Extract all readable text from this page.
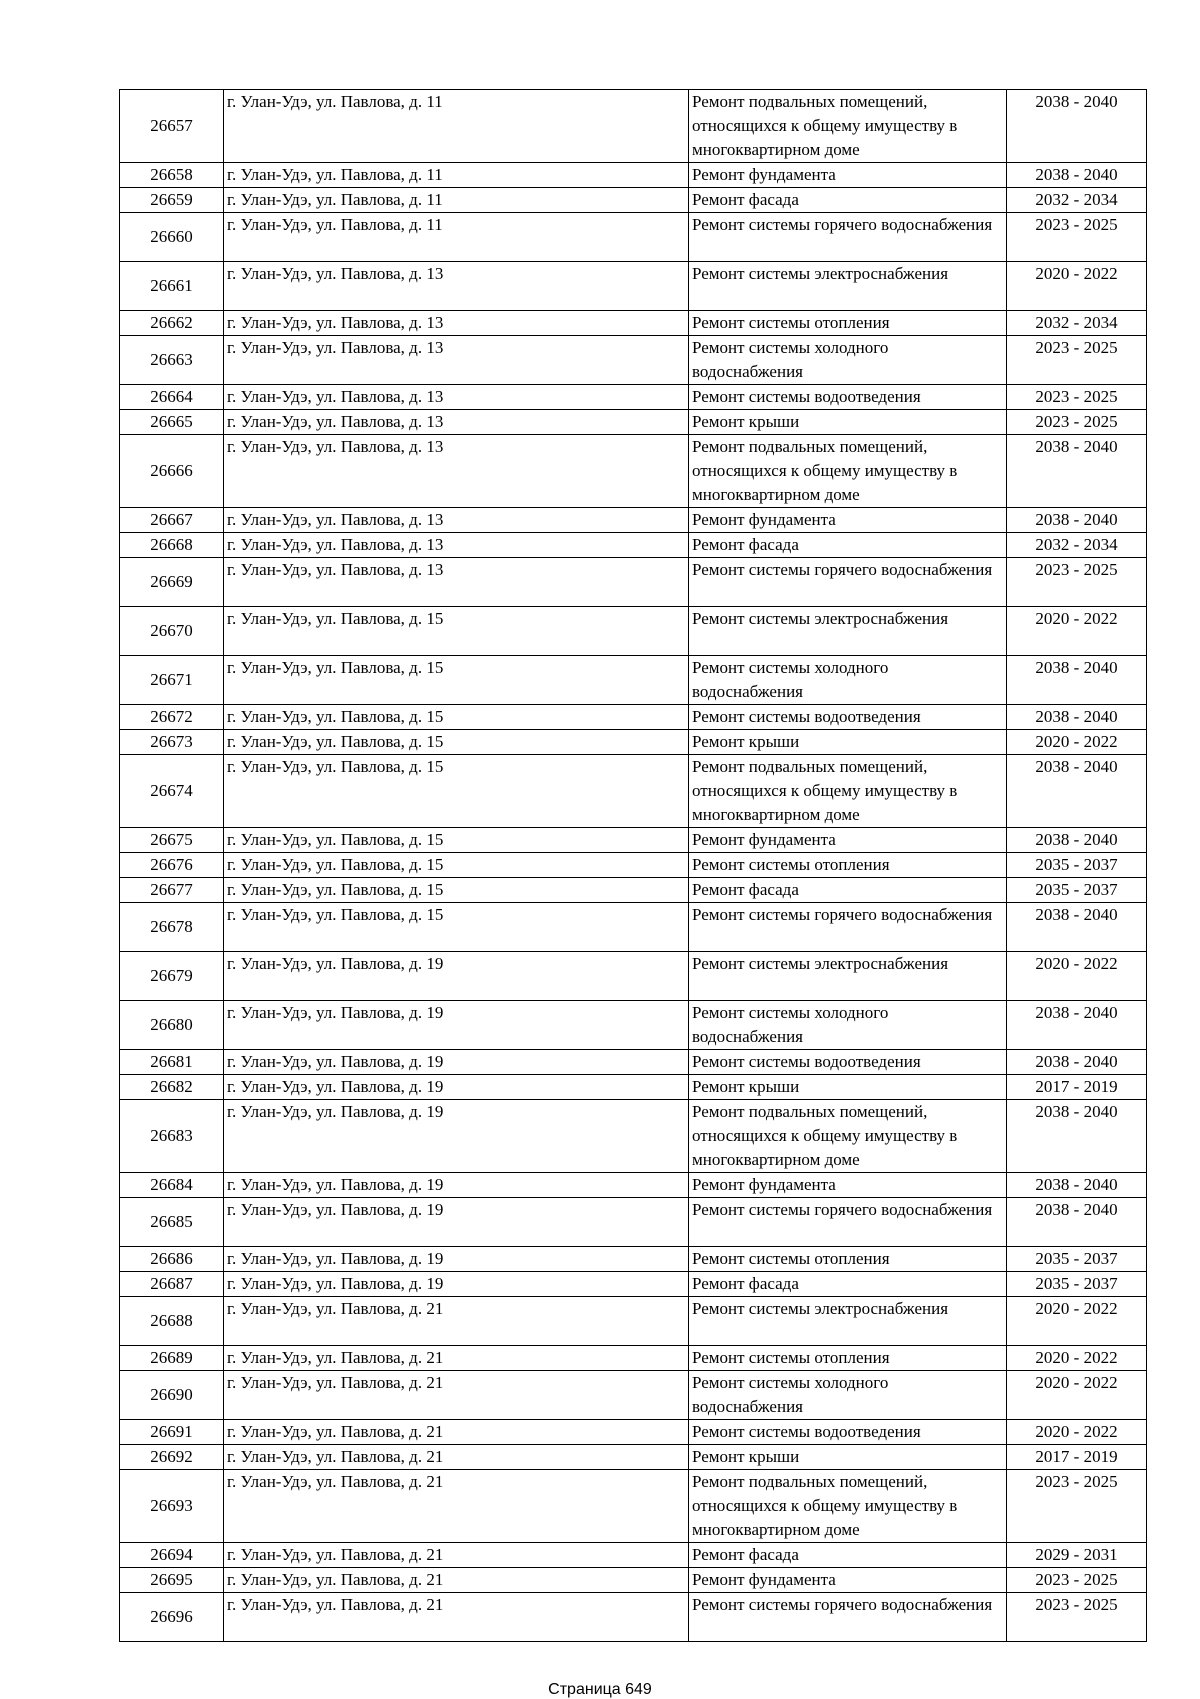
26657	г. Улан-Удэ, ул. Павлова, д. 11	Ремонт подвальных помещений, относящихся к общему имуществу в многоквартирном доме	2038 - 2040
26658	г. Улан-Удэ, ул. Павлова, д. 11	Ремонт фундамента	2038 - 2040
26659	г. Улан-Удэ, ул. Павлова, д. 11	Ремонт фасада	2032 - 2034
26660	г. Улан-Удэ, ул. Павлова, д. 11	Ремонт системы горячего водоснабжения	2023 - 2025
26661	г. Улан-Удэ, ул. Павлова, д. 13	Ремонт системы электроснабжения	2020 - 2022
26662	г. Улан-Удэ, ул. Павлова, д. 13	Ремонт системы отопления	2032 - 2034
26663	г. Улан-Удэ, ул. Павлова, д. 13	Ремонт системы холодного водоснабжения	2023 - 2025
26664	г. Улан-Удэ, ул. Павлова, д. 13	Ремонт системы водоотведения	2023 - 2025
26665	г. Улан-Удэ, ул. Павлова, д. 13	Ремонт крыши	2023 - 2025
26666	г. Улан-Удэ, ул. Павлова, д. 13	Ремонт подвальных помещений, относящихся к общему имуществу в многоквартирном доме	2038 - 2040
26667	г. Улан-Удэ, ул. Павлова, д. 13	Ремонт фундамента	2038 - 2040
26668	г. Улан-Удэ, ул. Павлова, д. 13	Ремонт фасада	2032 - 2034
26669	г. Улан-Удэ, ул. Павлова, д. 13	Ремонт системы горячего водоснабжения	2023 - 2025
26670	г. Улан-Удэ, ул. Павлова, д. 15	Ремонт системы электроснабжения	2020 - 2022
26671	г. Улан-Удэ, ул. Павлова, д. 15	Ремонт системы холодного водоснабжения	2038 - 2040
26672	г. Улан-Удэ, ул. Павлова, д. 15	Ремонт системы водоотведения	2038 - 2040
26673	г. Улан-Удэ, ул. Павлова, д. 15	Ремонт крыши	2020 - 2022
26674	г. Улан-Удэ, ул. Павлова, д. 15	Ремонт подвальных помещений, относящихся к общему имуществу в многоквартирном доме	2038 - 2040
26675	г. Улан-Удэ, ул. Павлова, д. 15	Ремонт фундамента	2038 - 2040
26676	г. Улан-Удэ, ул. Павлова, д. 15	Ремонт системы отопления	2035 - 2037
26677	г. Улан-Удэ, ул. Павлова, д. 15	Ремонт фасада	2035 - 2037
26678	г. Улан-Удэ, ул. Павлова, д. 15	Ремонт системы горячего водоснабжения	2038 - 2040
26679	г. Улан-Удэ, ул. Павлова, д. 19	Ремонт системы электроснабжения	2020 - 2022
26680	г. Улан-Удэ, ул. Павлова, д. 19	Ремонт системы холодного водоснабжения	2038 - 2040
26681	г. Улан-Удэ, ул. Павлова, д. 19	Ремонт системы водоотведения	2038 - 2040
26682	г. Улан-Удэ, ул. Павлова, д. 19	Ремонт крыши	2017 - 2019
26683	г. Улан-Удэ, ул. Павлова, д. 19	Ремонт подвальных помещений, относящихся к общему имуществу в многоквартирном доме	2038 - 2040
26684	г. Улан-Удэ, ул. Павлова, д. 19	Ремонт фундамента	2038 - 2040
26685	г. Улан-Удэ, ул. Павлова, д. 19	Ремонт системы горячего водоснабжения	2038 - 2040
26686	г. Улан-Удэ, ул. Павлова, д. 19	Ремонт системы отопления	2035 - 2037
26687	г. Улан-Удэ, ул. Павлова, д. 19	Ремонт фасада	2035 - 2037
26688	г. Улан-Удэ, ул. Павлова, д. 21	Ремонт системы электроснабжения	2020 - 2022
26689	г. Улан-Удэ, ул. Павлова, д. 21	Ремонт системы отопления	2020 - 2022
26690	г. Улан-Удэ, ул. Павлова, д. 21	Ремонт системы холодного водоснабжения	2020 - 2022
26691	г. Улан-Удэ, ул. Павлова, д. 21	Ремонт системы водоотведения	2020 - 2022
26692	г. Улан-Удэ, ул. Павлова, д. 21	Ремонт крыши	2017 - 2019
26693	г. Улан-Удэ, ул. Павлова, д. 21	Ремонт подвальных помещений, относящихся к общему имуществу в многоквартирном доме	2023 - 2025
26694	г. Улан-Удэ, ул. Павлова, д. 21	Ремонт фасада	2029 - 2031
26695	г. Улан-Удэ, ул. Павлова, д. 21	Ремонт фундамента	2023 - 2025
26696	г. Улан-Удэ, ул. Павлова, д. 21	Ремонт системы горячего водоснабжения	2023 - 2025
Страница 649
